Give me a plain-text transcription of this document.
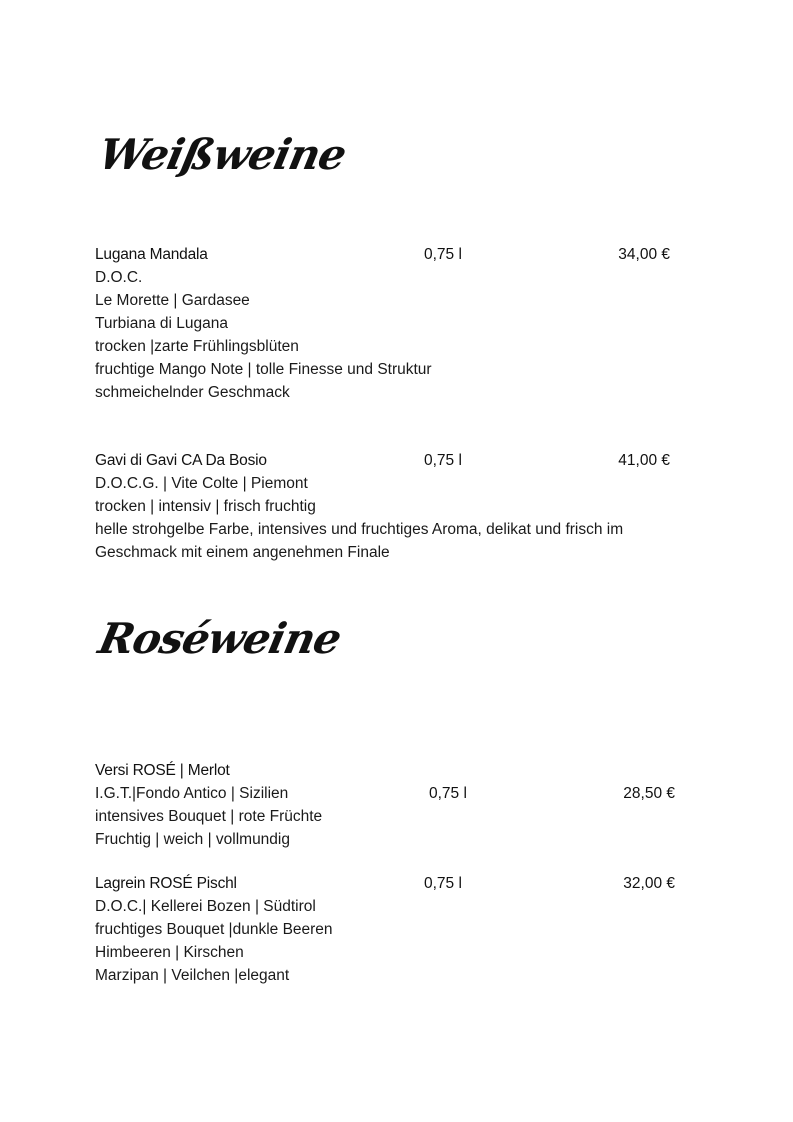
Weißweine
Lugana Mandala	0,75 l	34,00 €
D.O.C.
Le Morette | Gardasee
Turbiana di Lugana
trocken |zarte Frühlingsblüten
fruchtige Mango Note | tolle Finesse und Struktur
schmeichelnder Geschmack
Gavi di Gavi CA Da Bosio	0,75 l	41,00 €
D.O.C.G. | Vite Colte | Piemont
trocken | intensiv | frisch fruchtig
helle strohgelbe Farbe, intensives und fruchtiges Aroma, delikat und frisch im Geschmack mit einem angenehmen Finale
Roséweine
Versi ROSÉ | Merlot
0,75 l	28,50 €
I.G.T.|Fondo Antico | Sizilien
intensives Bouquet | rote Früchte
Fruchtig | weich | vollmundig
Lagrein ROSÉ Pischl	0,75 l	32,00 €
D.O.C.| Kellerei Bozen | Südtirol
fruchtiges Bouquet |dunkle Beeren
Himbeeren | Kirschen
Marzipan | Veilchen |elegant
